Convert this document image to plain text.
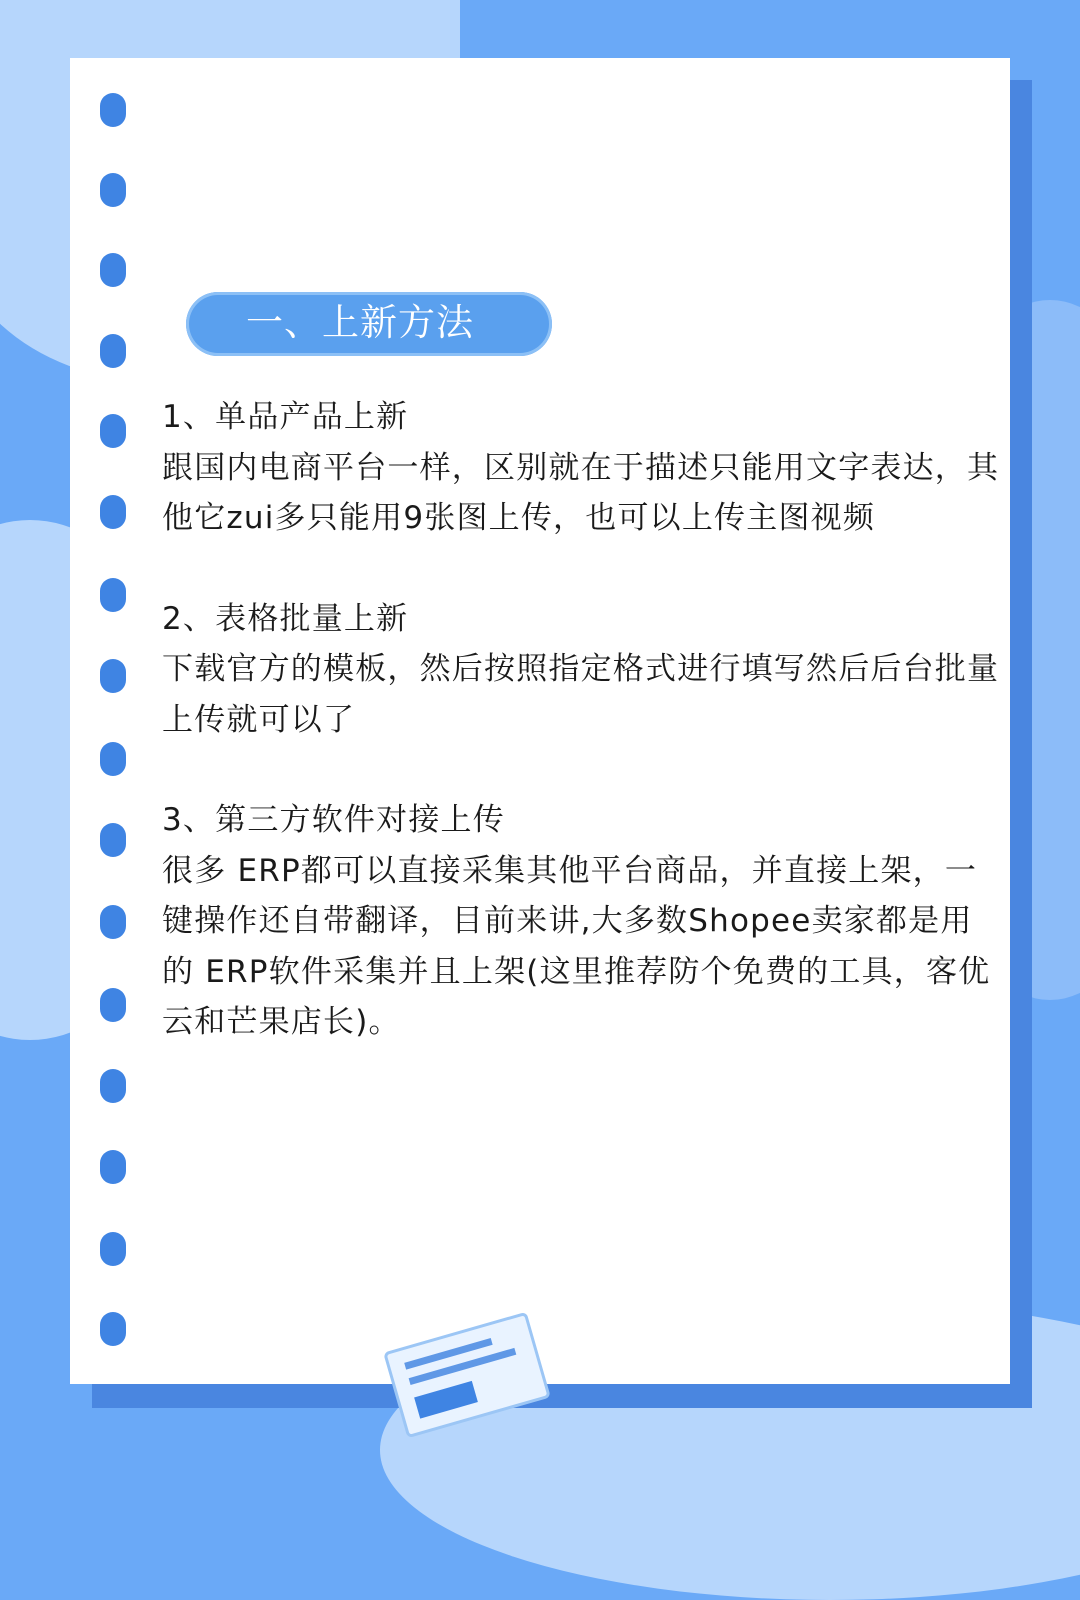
一、上新方法
1、单品产品上新
跟国内电商平台一样，区别就在于描述只能用文字表达，其他它zui多只能用9张图上传，也可以上传主图视频
2、表格批量上新
下载官方的模板，然后按照指定格式进行填写然后后台批量上传就可以了
3、第三方软件对接上传
很多 ERP都可以直接采集其他平台商品，并直接上架，一键操作还自带翻译，目前来讲,大多数Shopee卖家都是用的 ERP软件采集并且上架(这里推荐防个免费的工具，客优云和芒果店长)。
